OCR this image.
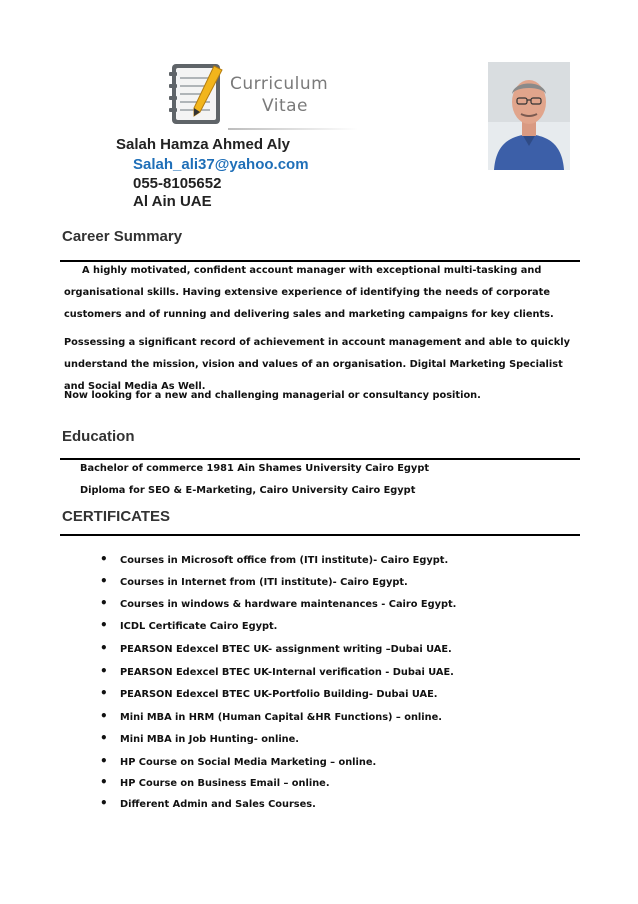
Curriculum
Vitae
Salah Hamza Ahmed Aly
Salah_ali37@yahoo.com
055-8105652
Al Ain UAE
Career Summary
A highly motivated, confident account manager with exceptional multi-tasking and organisational skills. Having extensive experience of identifying the needs of corporate customers and of running and delivering sales and marketing campaigns for key clients.
Possessing a significant record of achievement in account management and able to quickly understand the mission, vision and values of an organisation. Digital Marketing Specialist and Social Media As Well.
Now looking for a new and challenging managerial or consultancy position.
Education
Bachelor of commerce 1981 Ain Shames University Cairo Egypt
Diploma for SEO & E-Marketing, Cairo University Cairo Egypt
CERTIFICATES
• Courses in Microsoft office from (ITI institute)- Cairo Egypt.
• Courses in Internet from (ITI institute)- Cairo Egypt.
• Courses in windows & hardware maintenances - Cairo Egypt.
• ICDL Certificate Cairo Egypt.
• PEARSON Edexcel BTEC UK- assignment writing –Dubai UAE.
• PEARSON Edexcel BTEC UK-Internal verification - Dubai UAE.
• PEARSON Edexcel BTEC UK-Portfolio Building- Dubai UAE.
• Mini MBA in HRM (Human Capital &HR Functions) – online.
• Mini MBA in Job Hunting- online.
• HP Course on Social Media Marketing – online.
• HP Course on Business Email – online.
• Different Admin and Sales Courses.
